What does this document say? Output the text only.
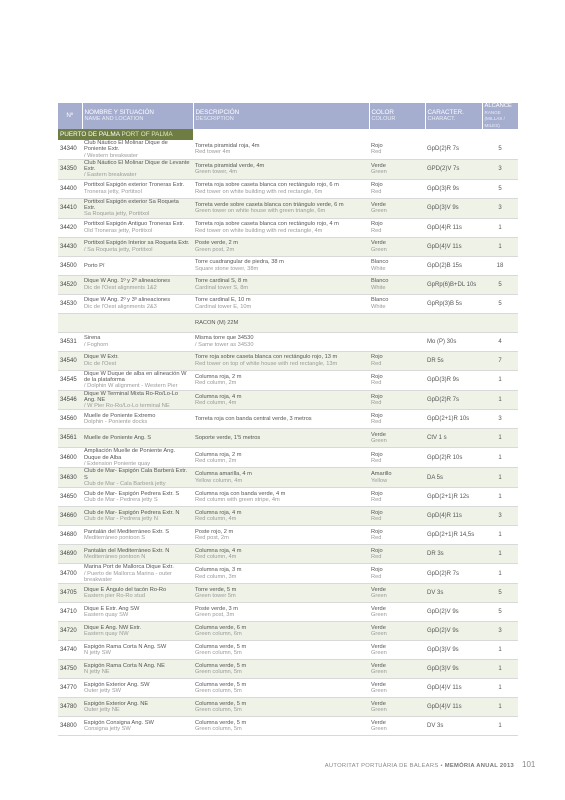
Nº	NOMBRE Y SITUACIÓN
NAME AND LOCATION	DESCRIPCIÓN
DESCRIPTION	COLOR
COLOUR	CARACTER.
CHARACT.	ALCANCE
RANGE
(MILLAS / MILES)

PUERTO DE PALMA PORT OF PALMA					
34340	Club Náutico El Molinar Dique de Poniente Extr.
/ Western breakwater	Torreta piramidal roja, 4m
Red tower 4m	Rojo
Red	GpD(2)R 7s	5
34350	Club Náutico El Molinar Dique de Levante Extr.
/ Eastern breakwater	Torreta piramidal verde, 4m
Green tower, 4m	Verde
Green	GPD(2)V 7s	3
34400	Portitxol Espigón exterior Troneras Extr.
Troneras jetty, Portitxol	Torreta roja sobre caseta blanca con rectángulo rojo, 6 m
Red tower on white building with red rectangle, 6m	Rojo
Red	GpD(3)R 9s	5
34410	Portitxol Espigón exterior Sa Roqueta Extr.
Sa Roqueta jetty, Portitxol	Torreta verde sobre caseta blanca con triángulo verde, 6 m
Green tower on white house with green triangle, 6m	Verde
Green	GpD(3)V 9s	3
34420	Portitxol Espigón Antiguo Troneras Extr.
Old Troneras jetty, Portitxol	Torreta roja sobre caseta blanca con rectángulo rojo, 4 m
Red tower on white building with red rectangle, 4m	Rojo
Red	GpD(4)R 11s	1
34430	Portitxol Espigón Interior sa Roqueta Extr.
/ Sa Roqueta jetty, Portitxol	Poste verde, 2 m
Green post, 2m	Verde
Green	GpD(4)V 11s	1
34500	Porto Pí	Torre cuadrangular de piedra, 38 m
Square stone tower, 38m	Blanco
White	GpD(2)B 15s	18
34520	Dique W Ang. 1º y 2º alineaciones
Dic de l'Oest alignments 1&2	Torre cardinal S, 8 m
Cardinal tower S, 8m	Blanco
White	GpRp(6)B+DL 10s	5
34530	Dique W Ang. 2º y 3º alineaciones
Dic de l'Oest alignments 2&3	Torre cardinal E, 10 m
Cardinal tower E, 10m	Blanco
White	GpRp(3)B 5s	5

		RACON (M) 22M			

34531	Sirena
/ Foghorn	Misma torre que 34530
/ Same tower as 34530		Mo (P) 30s	4
34540	Dique W Extr.
Dic de l'Oest	Torre roja sobre caseta blanca con rectángulo rojo, 13 m
Red tower on top of white house with red rectangle, 13m	Rojo
Red	DR 5s	7
34545	Dique W Duque de alba en alineación W de la plataforma
/ Dolphin W alignment - Western Pier	Columna roja, 2 m
Red column, 2m	Rojo
Red	GpD(3)R 9s	1
34546	Dique W Terminal Mixta Ro-Ro/Lo-Lo Ang. NE
/ W Pier Ro-Ro/Lo-Lo terminal NE	Columna roja, 4 m
Red column, 4m	Rojo
Red	GpD(2)R 7s	1
34560	Muelle de Poniente Extremo
Dolphin - Poniente docks	Torreta roja con banda central verde, 3 metros	Rojo
Red	GpD(2+1)R 10s	3
34561	Muelle de Poniente Ang. S	Soporte verde, 1'5 metros	Verde
Green	CtV 1 s	1
34600	Ampliación Muelle de Poniente Ang. Duque de Alba
/ Extension Poniente quay	Columna roja, 2 m
Red column, 2m	Rojo
Red	GpD(2)R 10s	1
34630	Club de Mar- Espigón Cala Barberà Extr. S
Club de Mar - Cala Barberà jetty	Columna amarilla, 4 m
Yellow column, 4m	Amarillo
Yellow	DA 5s	1
34650	Club de Mar- Espigón Pedrera Extr. S
Club de Mar - Pedrera jetty S	Columna roja con banda verde, 4 m
Red column with green stripe, 4m	Rojo
Red	GpD(2+1)R 12s	1
34660	Club de Mar- Espigón Pedrera Extr. N
Club de Mar - Pedrera jetty N	Columna roja, 4 m
Red column, 4m	Rojo
Red	GpD(4)R 11s	3
34680	Pantalán del Mediterráneo Extr. S
Mediterráneo pontoon S	Poste rojo, 2 m
Red post, 2m	Rojo
Red	GpD(2+1)R 14,5s	1
34690	Pantalán del Mediterráneo Extr. N
Mediterráneo pontoon N	Columna roja, 4 m
Red column, 4m	Rojo
Red	DR 3s	1
34700	Marina Port de Mallorca Dique Extr.
/ Puerto de Mallorca Marina - outer breakwater	Columna roja, 3 m
Red column, 3m	Rojo
Red	GpD(2)R 7s	1
34705	Dique E Ángulo del tacón Ro-Ro
Eastern pier Ro-Ro stud	Torre verde, 5 m
Green tower 5m	Verde
Green	DV 3s	5
34710	Dique E Extr. Ang SW
Eastern quay SW	Poste verde, 3 m
Green post, 3m	Verde
Green	GpD(2)V 9s	5
34720	Dique E Ang. NW Extr.
Eastern quay NW	Columna verde, 6 m
Green column, 6m	Verde
Green	GpD(2)V 9s	3
34740	Espigón Rama Corta N Ang. SW
N jetty SW	Columna verde, 5 m
Green column, 5m	Verde
Green	GpD(3)V 9s	1
34750	Espigón Rama Corta N Ang. NE
N jetty NE	Columna verde, 5 m
Green column, 5m	Verde
Green	GpD(3)V 9s	1
34770	Espigón Exterior Ang. SW
Outer jetty SW	Columna verde, 5 m
Green column, 5m	Verde
Green	GpD(4)V 11s	1
34780	Espigón Exterior Ang. NE
Outer jetty NE	Columna verde, 5 m
Green column, 5m	Verde
Green	GpD(4)V 11s	1
34800	Espigón Consigna Ang. SW
Consigna jetty SW	Columna verde, 5 m
Green column, 5m	Verde
Green	DV 3s	1
AUTORITAT PORTUÀRIA DE BALEARS • MEMÒRIA ANUAL 2013 101
